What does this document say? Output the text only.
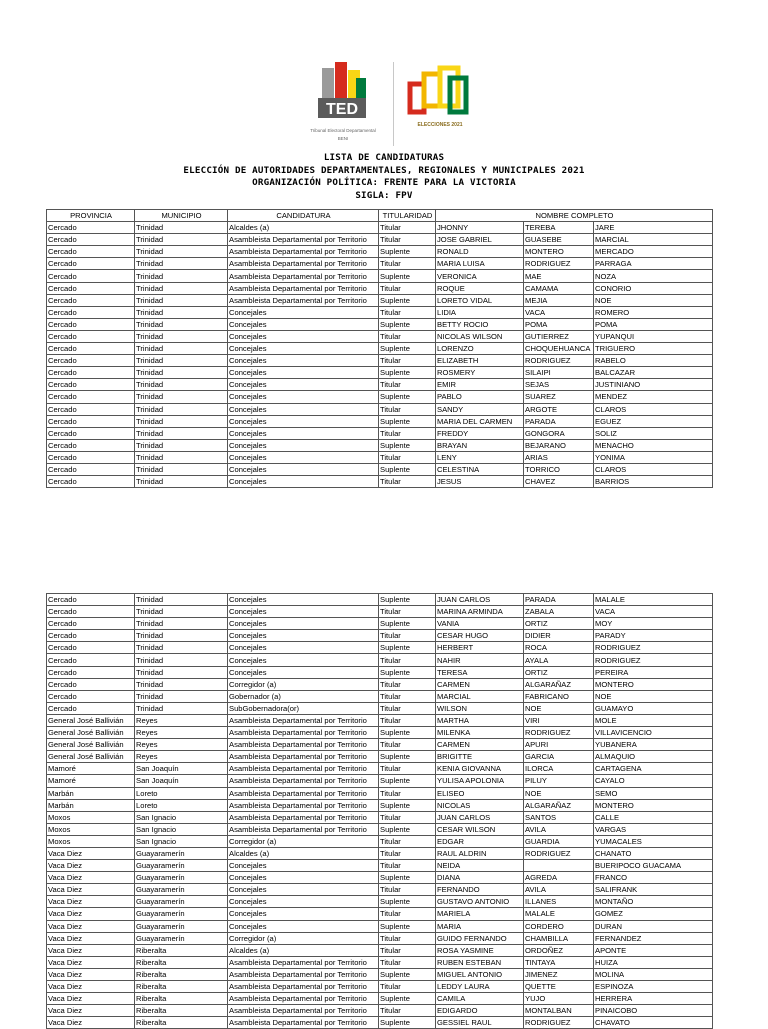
TED
Tribunal Electoral Departamental
BENI
ELECCIONES 2021
LISTA DE CANDIDATURAS
ELECCIÓN DE AUTORIDADES DEPARTAMENTALES, REGIONALES Y MUNICIPALES 2021
ORGANIZACIÓN POLÍTICA: FRENTE PARA LA VICTORIA
SIGLA: FPV
PROVINCIA	MUNICIPIO	CANDIDATURA	TITULARIDAD	NOMBRE COMPLETO		
Cercado	Trinidad	Alcaldes (a)	Titular	JHONNY	TEREBA	JARE
Cercado	Trinidad	Asambleista Departamental por Territorio	Titular	JOSE GABRIEL	GUASEBE	MARCIAL
Cercado	Trinidad	Asambleista Departamental por Territorio	Suplente	RONALD	MONTERO	MERCADO
Cercado	Trinidad	Asambleista Departamental por Territorio	Titular	MARIA LUISA	RODRIGUEZ	PARRAGA
Cercado	Trinidad	Asambleista Departamental por Territorio	Suplente	VERONICA	MAE	NOZA
Cercado	Trinidad	Asambleista Departamental por Territorio	Titular	ROQUE	CAMAMA	CONORIO
Cercado	Trinidad	Asambleista Departamental por Territorio	Suplente	LORETO VIDAL	MEJIA	NOE
Cercado	Trinidad	Concejales	Titular	LIDIA	VACA	ROMERO
Cercado	Trinidad	Concejales	Suplente	BETTY ROCIO	POMA	POMA
Cercado	Trinidad	Concejales	Titular	NICOLAS WILSON	GUTIERREZ	YUPANQUI
Cercado	Trinidad	Concejales	Suplente	LORENZO	CHOQUEHUANCA	TRIGUERO
Cercado	Trinidad	Concejales	Titular	ELIZABETH	RODRIGUEZ	RABELO
Cercado	Trinidad	Concejales	Suplente	ROSMERY	SILAIPI	BALCAZAR
Cercado	Trinidad	Concejales	Titular	EMIR	SEJAS	JUSTINIANO
Cercado	Trinidad	Concejales	Suplente	PABLO	SUAREZ	MENDEZ
Cercado	Trinidad	Concejales	Titular	SANDY	ARGOTE	CLAROS
Cercado	Trinidad	Concejales	Suplente	MARIA DEL CARMEN	PARADA	EGUEZ
Cercado	Trinidad	Concejales	Titular	FREDDY	GONGORA	SOLIZ
Cercado	Trinidad	Concejales	Suplente	BRAYAN	BEJARANO	MENACHO
Cercado	Trinidad	Concejales	Titular	LENY	ARIAS	YONIMA
Cercado	Trinidad	Concejales	Suplente	CELESTINA	TORRICO	CLAROS
Cercado	Trinidad	Concejales	Titular	JESUS	CHAVEZ	BARRIOS
Cercado	Trinidad	Concejales	Suplente	JUAN CARLOS	PARADA	MALALE
Cercado	Trinidad	Concejales	Titular	MARINA ARMINDA	ZABALA	VACA
Cercado	Trinidad	Concejales	Suplente	VANIA	ORTIZ	MOY
Cercado	Trinidad	Concejales	Titular	CESAR HUGO	DIDIER	PARADY
Cercado	Trinidad	Concejales	Suplente	HERBERT	ROCA	RODRIGUEZ
Cercado	Trinidad	Concejales	Titular	NAHIR	AYALA	RODRIGUEZ
Cercado	Trinidad	Concejales	Suplente	TERESA	ORTIZ	PEREIRA
Cercado	Trinidad	Corregidor (a)	Titular	CARMEN	ALGARAÑAZ	MONTERO
Cercado	Trinidad	Gobernador (a)	Titular	MARCIAL	FABRICANO	NOE
Cercado	Trinidad	SubGobernadora(or)	Titular	WILSON	NOE	GUAMAYO
General José Ballivián	Reyes	Asambleista Departamental por Territorio	Titular	MARTHA	VIRI	MOLE
General José Ballivián	Reyes	Asambleista Departamental por Territorio	Suplente	MILENKA	RODRIGUEZ	VILLAVICENCIO
General José Ballivián	Reyes	Asambleista Departamental por Territorio	Titular	CARMEN	APURI	YUBANERA
General José Ballivián	Reyes	Asambleista Departamental por Territorio	Suplente	BRIGITTE	GARCIA	ALMAQUIO
Mamoré	San Joaquín	Asambleista Departamental por Territorio	Titular	KENIA GIOVANNA	ILORCA	CARTAGENA
Mamoré	San Joaquín	Asambleista Departamental por Territorio	Suplente	YULISA APOLONIA	PILUY	CAYALO
Marbán	Loreto	Asambleista Departamental por Territorio	Titular	ELISEO	NOE	SEMO
Marbán	Loreto	Asambleista Departamental por Territorio	Suplente	NICOLAS	ALGARAÑAZ	MONTERO
Moxos	San Ignacio	Asambleista Departamental por Territorio	Titular	JUAN CARLOS	SANTOS	CALLE
Moxos	San Ignacio	Asambleista Departamental por Territorio	Suplente	CESAR WILSON	AVILA	VARGAS
Moxos	San Ignacio	Corregidor (a)	Titular	EDGAR	GUARDIA	YUMACALES
Vaca Diez	Guayaramerín	Alcaldes (a)	Titular	RAUL ALDRIN	RODRIGUEZ	CHANATO
Vaca Diez	Guayaramerín	Concejales	Titular	NEIDA		BUERIPOCO GUACAMA
Vaca Diez	Guayaramerín	Concejales	Suplente	DIANA	AGREDA	FRANCO
Vaca Diez	Guayaramerín	Concejales	Titular	FERNANDO	AVILA	SALIFRANK
Vaca Diez	Guayaramerín	Concejales	Suplente	GUSTAVO ANTONIO	ILLANES	MONTAÑO
Vaca Diez	Guayaramerín	Concejales	Titular	MARIELA	MALALE	GOMEZ
Vaca Diez	Guayaramerín	Concejales	Suplente	MARIA	CORDERO	DURAN
Vaca Diez	Guayaramerín	Corregidor (a)	Titular	GUIDO FERNANDO	CHAMBILLA	FERNANDEZ
Vaca Diez	Riberalta	Alcaldes (a)	Titular	ROSA YASMINE	ORDOÑEZ	APONTE
Vaca Diez	Riberalta	Asambleista Departamental por Territorio	Titular	RUBEN ESTEBAN	TINTAYA	HUIZA
Vaca Diez	Riberalta	Asambleista Departamental por Territorio	Suplente	MIGUEL ANTONIO	JIMENEZ	MOLINA
Vaca Diez	Riberalta	Asambleista Departamental por Territorio	Titular	LEDDY LAURA	QUETTE	ESPINOZA
Vaca Diez	Riberalta	Asambleista Departamental por Territorio	Suplente	CAMILA	YUJO	HERRERA
Vaca Diez	Riberalta	Asambleista Departamental por Territorio	Titular	EDIGARDO	MONTALBAN	PINAICOBO
Vaca Diez	Riberalta	Asambleista Departamental por Territorio	Suplente	GESSIEL RAUL	RODRIGUEZ	CHAVATO
